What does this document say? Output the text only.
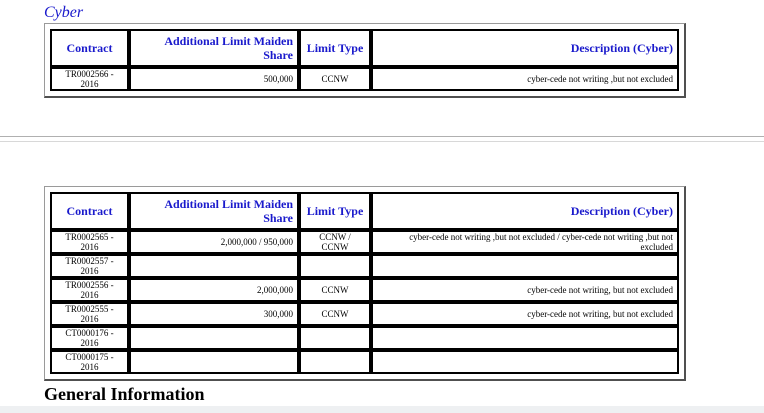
Cyber
Contract	Additional Limit Maiden Share	Limit Type	Description (Cyber)
TR0002566 - 2016	500,000	CCNW	cyber-cede not writing ,but not excluded
Contract	Additional Limit Maiden Share	Limit Type	Description (Cyber)
TR0002565 - 2016	2,000,000 / 950,000	CCNW / CCNW	cyber-cede not writing ,but not excluded / cyber-cede not writing ,but not excluded
TR0002557 - 2016			
TR0002556 - 2016	2,000,000	CCNW	cyber-cede not writing, but not excluded
TR0002555 - 2016	300,000	CCNW	cyber-cede not writing, but not excluded
CT0000176 - 2016			
CT0000175 - 2016			
General Information
